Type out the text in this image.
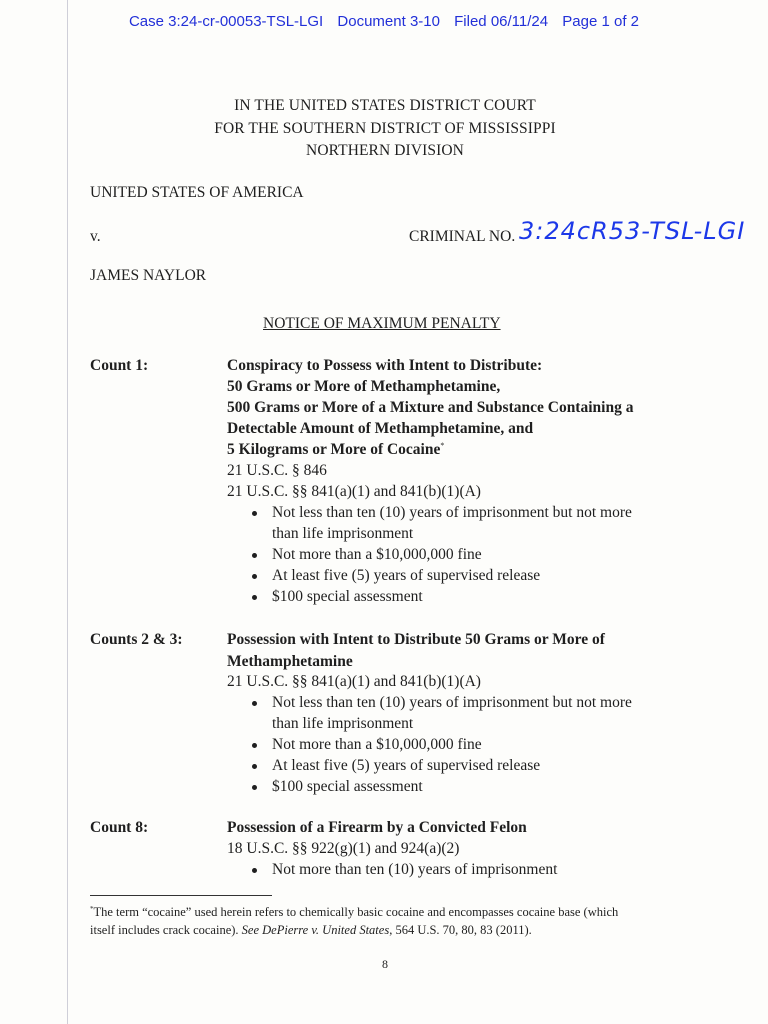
Case 3:24-cr-00053-TSL-LGI Document 3-10 Filed 06/11/24 Page 1 of 2
IN THE UNITED STATES DISTRICT COURT
FOR THE SOUTHERN DISTRICT OF MISSISSIPPI
NORTHERN DIVISION
UNITED STATES OF AMERICA
v.	CRIMINAL NO. 3:24cR53-TSL-LGI
JAMES NAYLOR
NOTICE OF MAXIMUM PENALTY
Count 1:	Conspiracy to Possess with Intent to Distribute:
50 Grams or More of Methamphetamine,
500 Grams or More of a Mixture and Substance Containing a
Detectable Amount of Methamphetamine, and
5 Kilograms or More of Cocaine*
21 U.S.C. § 846
21 U.S.C. §§ 841(a)(1) and 841(b)(1)(A)
Not less than ten (10) years of imprisonment but not more
than life imprisonment
Not more than a $10,000,000 fine
At least five (5) years of supervised release
$100 special assessment
Counts 2 & 3:	Possession with Intent to Distribute 50 Grams or More of
Methamphetamine
21 U.S.C. §§ 841(a)(1) and 841(b)(1)(A)
Not less than ten (10) years of imprisonment but not more
than life imprisonment
Not more than a $10,000,000 fine
At least five (5) years of supervised release
$100 special assessment
Count 8:	Possession of a Firearm by a Convicted Felon
18 U.S.C. §§ 922(g)(1) and 924(a)(2)
Not more than ten (10) years of imprisonment
*The term “cocaine” used herein refers to chemically basic cocaine and encompasses cocaine base (which
itself includes crack cocaine). See DePierre v. United States, 564 U.S. 70, 80, 83 (2011).
8
